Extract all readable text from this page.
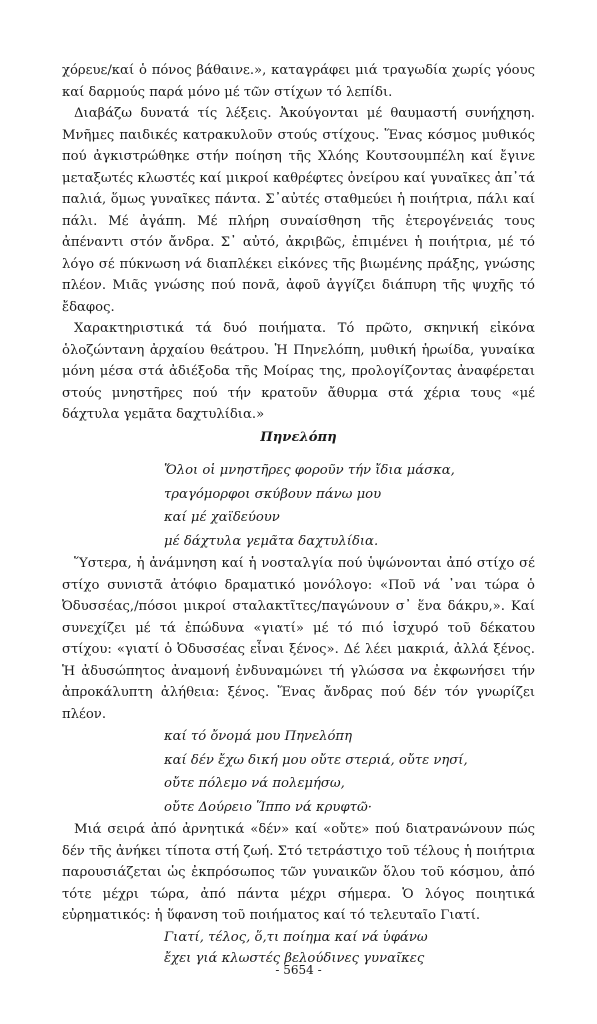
χόρευε/καί ὁ πόνος βάθαινε.», καταγράφει μιά τραγωδία χωρίς γόους καί δαρμούς παρά μόνο μέ τῶν στίχων τό λεπίδι.

Διαβάζω δυνατά τίς λέξεις. Ἀκούγονται μέ θαυμαστή συνήχηση. Μνῆμες παιδικές κατρακυλοῦν στούς στίχους. Ἕνας κόσμος μυθικός πού ἀγκιστρώθηκε στήν ποίηση τῆς Χλόης Κουτσουμπέλη καί ἔγινε μεταξωτές κλωστές καί μικροί καθρέφτες ὀνείρου καί γυναῖκες ἀπ᾽τά παλιά, ὅμως γυναῖκες πάντα. Σ᾽αὐτές σταθμεύει ἡ ποιήτρια, πάλι καί πάλι. Μέ ἀγάπη. Μέ πλήρη συναίσθηση τῆς ἑτερογένειάς τους ἀπέναντι στόν ἄνδρα. Σ᾽ αὐτό, ἀκριβῶς, ἐπιμένει ἡ ποιήτρια, μέ τό λόγο σέ πύκνωση νά διαπλέκει εἰκόνες τῆς βιωμένης πράξης, γνώσης πλέον. Μιᾶς γνώσης πού πονᾶ, ἀφοῦ ἀγγίζει διάπυρη τῆς ψυχῆς τό ἔδαφος.

Χαρακτηριστικά τά δυό ποιήματα. Τό πρῶτο, σκηνική εἰκόνα ὁλοζώντανη ἀρχαίου θεάτρου. Ἡ Πηνελόπη, μυθική ἡρωίδα, γυναίκα μόνη μέσα στά ἀδιέξοδα τῆς Μοίρας της, προλογίζοντας ἀναφέρεται στούς μνηστῆρες πού τήν κρατοῦν ἄθυρμα στά χέρια τους «μέ δάχτυλα γεμᾶτα δαχτυλίδια.»

Πηνελόπη

Ὅλοι οἱ μνηστῆρες φοροῦν τήν ἴδια μάσκα,
τραγόμορφοι σκύβουν πάνω μου
καί μέ χαϊδεύουν
μέ δάχτυλα γεμᾶτα δαχτυλίδια.

Ὕστερα, ἡ ἀνάμνηση καί ἡ νοσταλγία πού ὑψώνονται ἀπό στίχο σέ στίχο συνιστᾶ ἀτόφιο δραματικό μονόλογο: «Ποῦ νά ᾽ναι τώρα ὁ Ὀδυσσέας,/πόσοι μικροί σταλακτῖτες/παγώνουν σ᾽ ἕνα δάκρυ,». Καί συνεχίζει μέ τά ἐπώδυνα «γιατί» μέ τό πιό ἰσχυρό τοῦ δέκατου στίχου: «γιατί ὁ Ὀδυσσέας εἶναι ξένος». Δέ λέει μακριά, ἀλλά ξένος. Ἡ ἀδυσώπητος ἀναμονή ἐνδυναμώνει τή γλώσσα να ἐκφωνήσει τήν ἀπροκάλυπτη ἀλήθεια: ξένος. Ἕνας ἄνδρας πού δέν τόν γνωρίζει πλέον.

καί τό ὄνομά μου Πηνελόπη
καί δέν ἔχω δική μου οὔτε στεριά, οὔτε νησί,
οὔτε πόλεμο νά πολεμήσω,
οὔτε Δούρειο Ἵππο νά κρυφτῶ·

Μιά σειρά ἀπό ἀρνητικά «δέν» καί «οὔτε» πού διατρανώνουν πώς δέν τῆς ἀνήκει τίποτα στή ζωή. Στό τετράστιχο τοῦ τέλους ἡ ποιήτρια παρουσιάζεται ὡς ἐκπρόσωπος τῶν γυναικῶν ὅλου τοῦ κόσμου, ἀπό τότε μέχρι τώρα, ἀπό πάντα μέχρι σήμερα. Ὁ λόγος ποιητικά εὐρηματικός: ἡ ὕφανση τοῦ ποιήματος καί τό τελευταῖο Γιατί.

Γιατί, τέλος, ὅ,τι ποίημα καί νά ὑφάνω
ἔχει γιά κλωστές βελούδινες γυναῖκες
- 5654 -
